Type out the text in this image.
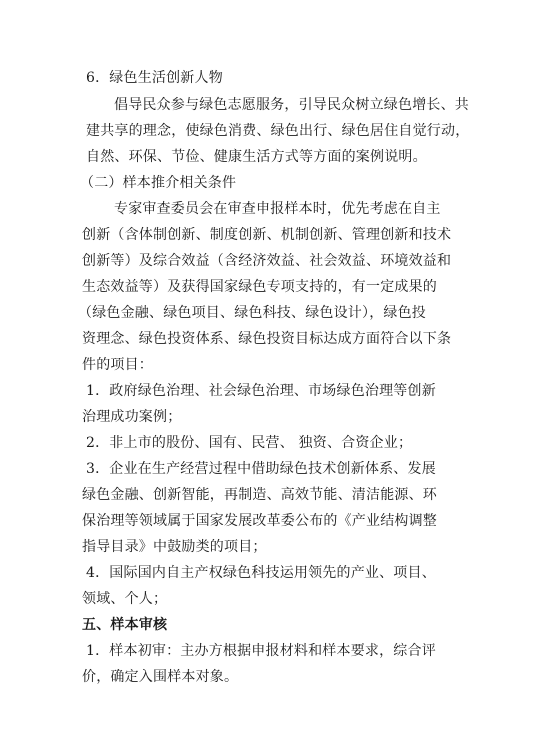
6．绿色生活创新人物
倡导民众参与绿色志愿服务，引导民众树立绿色增长、共
建共享的理念，使绿色消费、绿色出行、绿色居住自觉行动，
自然、环保、节俭、健康生活方式等方面的案例说明。
（二）样本推介相关条件
专家审查委员会在审查申报样本时，优先考虑在自主
创新（含体制创新、制度创新、机制创新、管理创新和技术
创新等）及综合效益（含经济效益、社会效益、环境效益和
生态效益等）及获得国家绿色专项支持的，有一定成果的
（绿色金融、绿色项目、绿色科技、绿色设计），绿色投
资理念、绿色投资体系、绿色投资目标达成方面符合以下条
件的项目：
1．政府绿色治理、社会绿色治理、市场绿色治理等创新
治理成功案例；
2．非上市的股份、国有、民营、 独资、合资企业；
3．企业在生产经营过程中借助绿色技术创新体系、发展
绿色金融、创新智能，再制造、高效节能、清洁能源、环
保治理等领域属于国家发展改革委公布的《产业结构调整
指导目录》中鼓励类的项目；
4．国际国内自主产权绿色科技运用领先的产业、项目、
领域、个人；
五、样本审核
1．样本初审：主办方根据申报材料和样本要求，综合评
价，确定入围样本对象。
